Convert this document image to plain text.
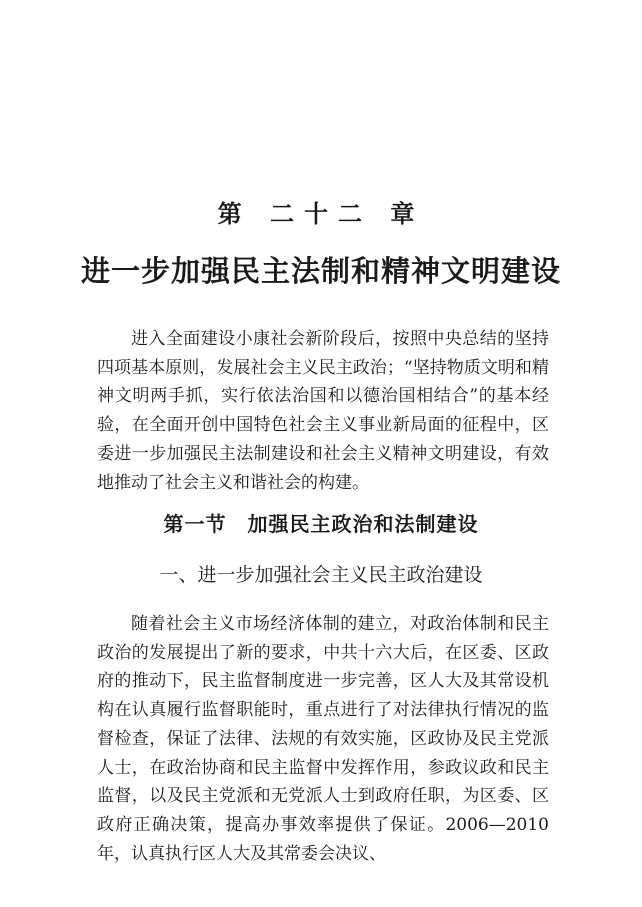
第 二十二 章
进一步加强民主法制和精神文明建设

进入全面建设小康社会新阶段后，按照中央总结的坚持四项基本原则，发展社会主义民主政治；“坚持物质文明和精神文明两手抓，实行依法治国和以德治国相结合”的基本经验，在全面开创中国特色社会主义事业新局面的征程中，区委进一步加强民主法制建设和社会主义精神文明建设，有效地推动了社会主义和谐社会的构建。

第一节　加强民主政治和法制建设
一、进一步加强社会主义民主政治建设

随着社会主义市场经济体制的建立，对政治体制和民主政治的发展提出了新的要求，中共十六大后，在区委、区政府的推动下，民主监督制度进一步完善，区人大及其常设机构在认真履行监督职能时，重点进行了对法律执行情况的监督检查，保证了法律、法规的有效实施，区政协及民主党派人士，在政治协商和民主监督中发挥作用，参政议政和民主监督，以及民主党派和无党派人士到政府任职，为区委、区政府正确决策，提高办事效率提供了保证。2006—2010年，认真执行区人大及其常委会决议、
